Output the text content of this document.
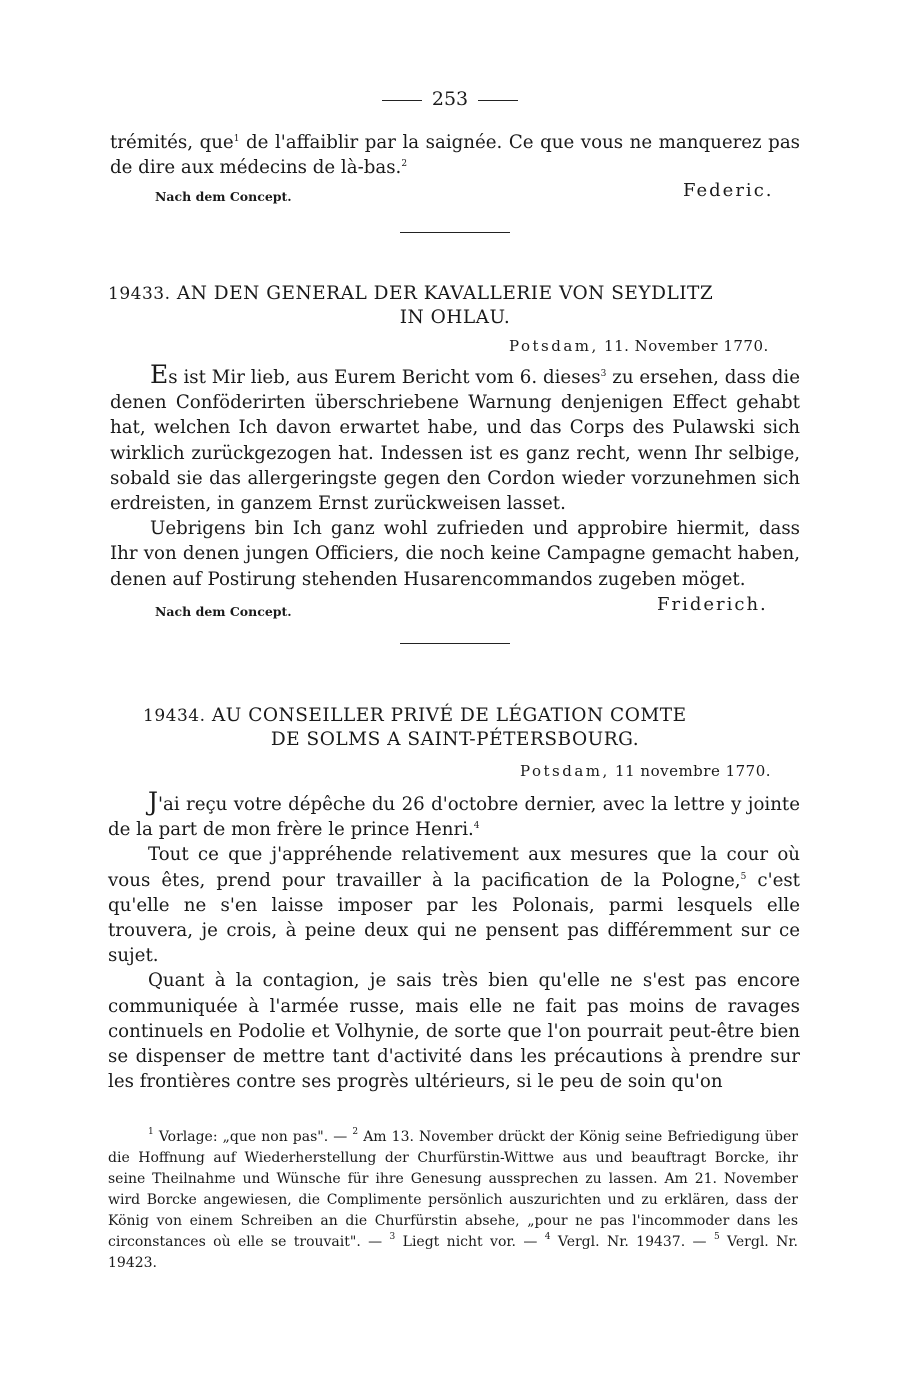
253

trémités, que$^1$ de l'affaiblir par la saignée. Ce que vous ne manquerez pas de dire aux médecins de là-bas.$^2$

Nach dem Concept.	Federic.
19433. AN DEN GENERAL DER KAVALLERIE VON SEYDLITZ
IN OHLAU.
Potsdam, 11. November 1770.

Es ist Mir lieb, aus Eurem Bericht vom 6. dieses$^3$ zu ersehen, dass die denen Conföderirten überschriebene Warnung denjenigen Effect gehabt hat, welchen Ich davon erwartet habe, und das Corps des Pulawski sich wirklich zurückgezogen hat. Indessen ist es ganz recht, wenn Ihr selbige, sobald sie das allergeringste gegen den Cordon wieder vorzunehmen sich erdreisten, in ganzem Ernst zurückweisen lasset.

Uebrigens bin Ich ganz wohl zufrieden und approbire hiermit, dass Ihr von denen jungen Officiers, die noch keine Campagne gemacht haben, denen auf Postirung stehenden Husarencommandos zugeben möget.

Nach dem Concept.	Friderich.
19434. AU CONSEILLER PRIVÉ DE LÉGATION COMTE
DE SOLMS A SAINT-PÉTERSBOURG.
Potsdam, 11 novembre 1770.

J'ai reçu votre dépêche du 26 d'octobre dernier, avec la lettre y jointe de la part de mon frère le prince Henri.$^4$

Tout ce que j'appréhende relativement aux mesures que la cour où vous êtes, prend pour travailler à la pacification de la Pologne,$^5$ c'est qu'elle ne s'en laisse imposer par les Polonais, parmi lesquels elle trouvera, je crois, à peine deux qui ne pensent pas différemment sur ce sujet.

Quant à la contagion, je sais très bien qu'elle ne s'est pas encore communiquée à l'armée russe, mais elle ne fait pas moins de ravages continuels en Podolie et Volhynie, de sorte que l'on pourrait peut-être bien se dispenser de mettre tant d'activité dans les précautions à prendre sur les frontières contre ses progrès ultérieurs, si le peu de soin qu'on

$^1$ Vorlage: „que non pas". — $^2$ Am 13. November drückt der König seine Befriedigung über die Hoffnung auf Wiederherstellung der Churfürstin-Wittwe aus und beauftragt Borcke, ihr seine Theilnahme und Wünsche für ihre Genesung aussprechen zu lassen. Am 21. November wird Borcke angewiesen, die Complimente persönlich auszurichten und zu erklären, dass der König von einem Schreiben an die Churfürstin absehe, „pour ne pas l'incommoder dans les circonstances où elle se trouvait". — $^3$ Liegt nicht vor. — $^4$ Vergl. Nr. 19437. — $^5$ Vergl. Nr. 19423.
